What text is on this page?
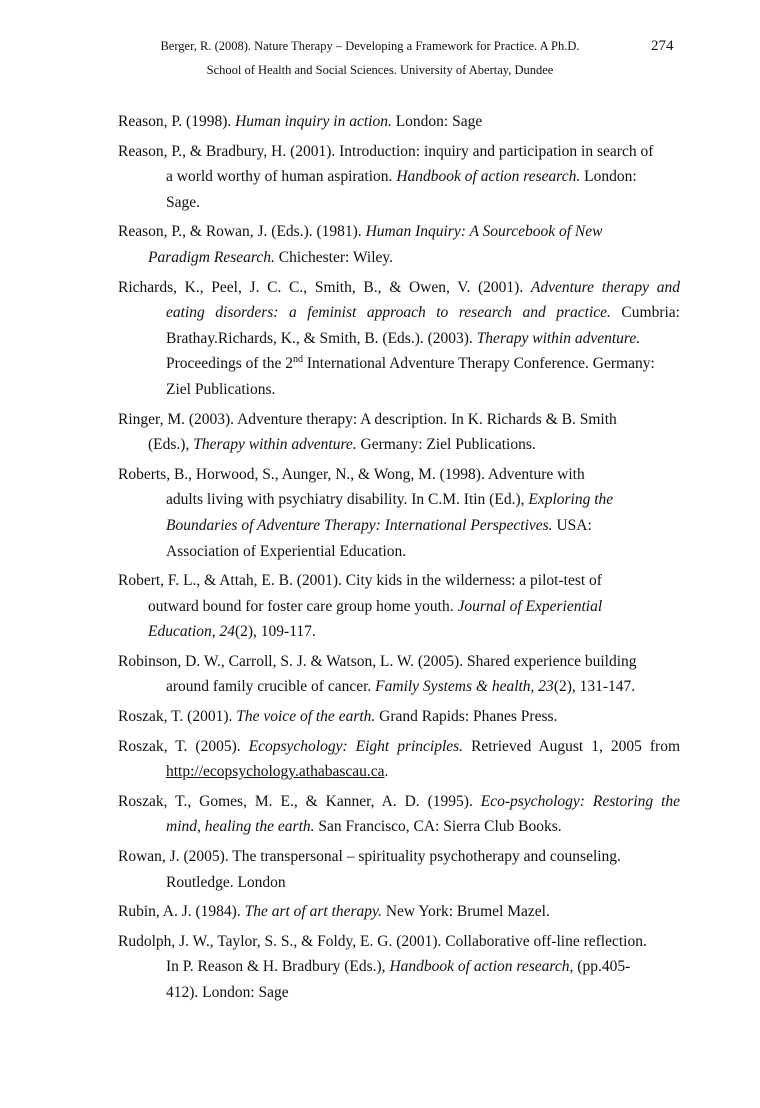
Berger, R. (2008). Nature Therapy – Developing a Framework for Practice. A Ph.D.
School of Health and Social Sciences. University of Abertay, Dundee
274
Reason, P. (1998). Human inquiry in action. London: Sage
Reason, P., & Bradbury, H. (2001). Introduction: inquiry and participation in search of
a world worthy of human aspiration. Handbook of action research. London:
Sage.
Reason, P., & Rowan, J. (Eds.). (1981). Human Inquiry: A Sourcebook of New
Paradigm Research. Chichester: Wiley.
Richards, K., Peel, J. C. C., Smith, B., & Owen, V. (2001). Adventure therapy and
eating disorders: a feminist approach to research and practice. Cumbria:
Brathay.Richards, K., & Smith, B. (Eds.). (2003). Therapy within adventure.
Proceedings of the 2nd International Adventure Therapy Conference. Germany:
Ziel Publications.
Ringer, M. (2003). Adventure therapy: A description. In K. Richards & B. Smith
(Eds.), Therapy within adventure. Germany: Ziel Publications.
Roberts, B., Horwood, S., Aunger, N., & Wong, M. (1998). Adventure with
adults living with psychiatry disability. In C.M. Itin (Ed.), Exploring the
Boundaries of Adventure Therapy: International Perspectives. USA:
Association of Experiential Education.
Robert, F. L., & Attah, E. B. (2001). City kids in the wilderness: a pilot-test of
outward bound for foster care group home youth. Journal of Experiential
Education, 24(2), 109-117.
Robinson, D. W., Carroll, S. J. & Watson, L. W. (2005). Shared experience building
around family crucible of cancer. Family Systems & health, 23(2), 131-147.
Roszak, T. (2001). The voice of the earth. Grand Rapids: Phanes Press.
Roszak, T. (2005). Ecopsychology: Eight principles. Retrieved August 1, 2005 from
http://ecopsychology.athabascau.ca.
Roszak, T., Gomes, M. E., & Kanner, A. D. (1995). Eco-psychology: Restoring the
mind, healing the earth. San Francisco, CA: Sierra Club Books.
Rowan, J. (2005). The transpersonal – spirituality psychotherapy and counseling.
Routledge. London
Rubin, A. J. (1984). The art of art therapy. New York: Brumel Mazel.
Rudolph, J. W., Taylor, S. S., & Foldy, E. G. (2001). Collaborative off-line reflection.
In P. Reason & H. Bradbury (Eds.), Handbook of action research, (pp.405-
412). London: Sage
